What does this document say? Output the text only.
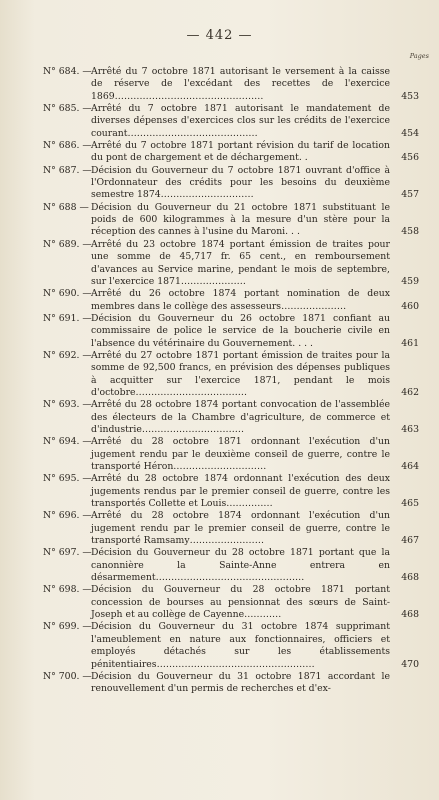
— 442 —
Pages
N° 684. — Arrêté du 7 octobre 1871 autorisant le versement à la caisse de réserve de l'excédant des recettes de l'exercice 1869…………………………………………	453
N° 685. — Arrêté du 7 octobre 1871 autorisant le mandatement de diverses dépenses d'exercices clos sur les crédits de l'exercice courant……………………………………	454
N° 686. — Arrêté du 7 octobre 1871 portant révision du tarif de location du pont de chargement et de déchargement. .	456
N° 687. — Décision du Gouverneur du 7 octobre 1871 ouvrant d'office à l'Ordonnateur des crédits pour les besoins du deuxième semestre 1874…………………………	457
N° 688 — Décision du Gouverneur du 21 octobre 1871 substituant le poids de 600 kilogrammes à la mesure d'un stère pour la réception des cannes à l'usine du Maroni. . .	458
N° 689. — Arrêté du 23 octobre 1874 portant émission de traites pour une somme de 45,717 fr. 65 cent., en remboursement d'avances au Service marine, pendant le mois de septembre, sur l'exercice 1871…………………	459
N° 690. — Arrêté du 26 octobre 1874 portant nomination de deux membres dans le collège des assesseurs…………………	460
N° 691. — Décision du Gouverneur du 26 octobre 1871 confiant au commissaire de police le service de la boucherie civile en l'absence du vétérinaire du Gouvernement. . . .	461
N° 692. — Arrêté du 27 octobre 1871 portant émission de traites pour la somme de 92,500 francs, en prévision des dépenses publiques à acquitter sur l'exercice 1871, pendant le mois d'octobre………………………………	462
N° 693. — Arrêté du 28 octobre 1874 portant convocation de l'assemblée des électeurs de la Chambre d'agriculture, de commerce et d'industrie……………………………	463
N° 694. — Arrêté du 28 octobre 1871 ordonnant l'exécution d'un jugement rendu par le deuxième conseil de guerre, contre le transporté Héron…………………………	464
N° 695. — Arrêté du 28 octobre 1874 ordonnant l'exécution des deux jugements rendus par le premier conseil de guerre, contre les transportés Collette et Louis……………	465
N° 696. — Arrêté du 28 octobre 1874 ordonnant l'exécution d'un jugement rendu par le premier conseil de guerre, contre le transporté Ramsamy……………………	467
N° 697. — Décision du Gouverneur du 28 octobre 1871 portant que la canonnière la Sainte-Anne entrera en désarmement…………………………………………	468
N° 698. — Décision du Gouverneur du 28 octobre 1871 portant concession de bourses au pensionnat des sœurs de Saint-Joseph et au collège de Cayenne…………	468
N° 699. — Décision du Gouverneur du 31 octobre 1874 supprimant l'ameublement en nature aux fonctionnaires, officiers et employés détachés sur les établissements pénitentiaires……………………………………………	470
N° 700. — Décision du Gouverneur du 31 octobre 1871 accordant le renouvellement d'un permis de recherches et d'ex-
